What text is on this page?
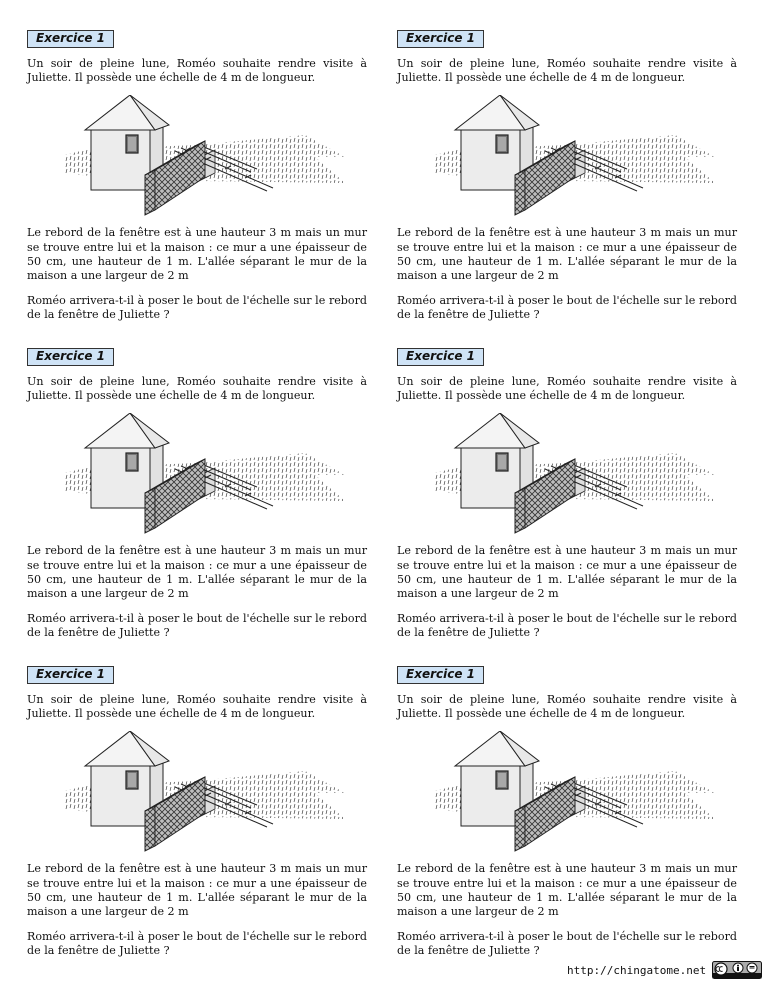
Exercice 1

Un soir de pleine lune, Roméo souhaite rendre visite à Juliette. Il possède une échelle de 4 m de longueur.

Le rebord de la fenêtre est à une hauteur 3 m mais un mur se trouve entre lui et la maison : ce mur a une épaisseur de 50 cm, une hauteur de 1 m. L'allée séparant le mur de la maison a une largeur de 2 m

Roméo arrivera-t-il à poser le bout de l'échelle sur le rebord de la fenêtre de Juliette ?

Exercice 1

Un soir de pleine lune, Roméo souhaite rendre visite à Juliette. Il possède une échelle de 4 m de longueur.

Le rebord de la fenêtre est à une hauteur 3 m mais un mur se trouve entre lui et la maison : ce mur a une épaisseur de 50 cm, une hauteur de 1 m. L'allée séparant le mur de la maison a une largeur de 2 m

Roméo arrivera-t-il à poser le bout de l'échelle sur le rebord de la fenêtre de Juliette ?

Exercice 1

Un soir de pleine lune, Roméo souhaite rendre visite à Juliette. Il possède une échelle de 4 m de longueur.

Le rebord de la fenêtre est à une hauteur 3 m mais un mur se trouve entre lui et la maison : ce mur a une épaisseur de 50 cm, une hauteur de 1 m. L'allée séparant le mur de la maison a une largeur de 2 m

Roméo arrivera-t-il à poser le bout de l'échelle sur le rebord de la fenêtre de Juliette ?

Exercice 1

Un soir de pleine lune, Roméo souhaite rendre visite à Juliette. Il possède une échelle de 4 m de longueur.

Le rebord de la fenêtre est à une hauteur 3 m mais un mur se trouve entre lui et la maison : ce mur a une épaisseur de 50 cm, une hauteur de 1 m. L'allée séparant le mur de la maison a une largeur de 2 m

Roméo arrivera-t-il à poser le bout de l'échelle sur le rebord de la fenêtre de Juliette ?

Exercice 1

Un soir de pleine lune, Roméo souhaite rendre visite à Juliette. Il possède une échelle de 4 m de longueur.

Le rebord de la fenêtre est à une hauteur 3 m mais un mur se trouve entre lui et la maison : ce mur a une épaisseur de 50 cm, une hauteur de 1 m. L'allée séparant le mur de la maison a une largeur de 2 m

Roméo arrivera-t-il à poser le bout de l'échelle sur le rebord de la fenêtre de Juliette ?

Exercice 1

Un soir de pleine lune, Roméo souhaite rendre visite à Juliette. Il possède une échelle de 4 m de longueur.

Le rebord de la fenêtre est à une hauteur 3 m mais un mur se trouve entre lui et la maison : ce mur a une épaisseur de 50 cm, une hauteur de 1 m. L'allée séparant le mur de la maison a une largeur de 2 m

Roméo arrivera-t-il à poser le bout de l'échelle sur le rebord de la fenêtre de Juliette ?

http://chingatome.net
